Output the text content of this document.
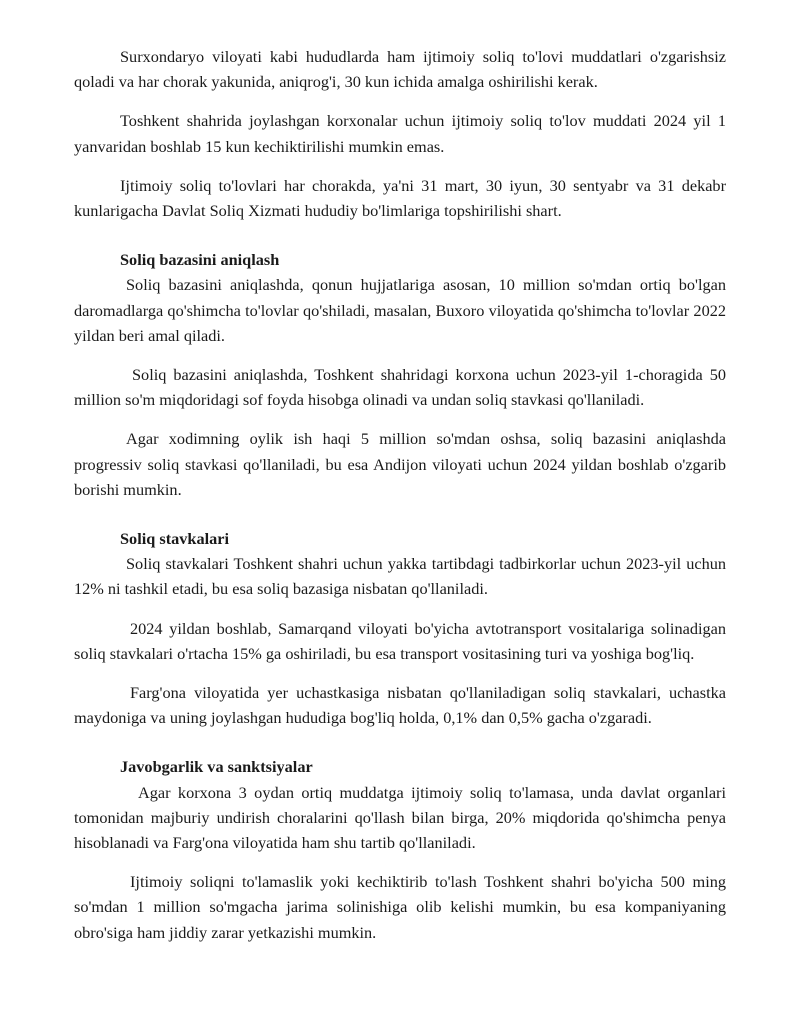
Surxondaryo viloyati kabi hududlarda ham ijtimoiy soliq to'lovi muddatlari o'zgarishsiz qoladi va har chorak yakunida, aniqrog'i, 30 kun ichida amalga oshirilishi kerak.

Toshkent shahrida joylashgan korxonalar uchun ijtimoiy soliq to'lov muddati 2024 yil 1 yanvaridan boshlab 15 kun kechiktirilishi mumkin emas.

Ijtimoiy soliq to'lovlari har chorakda, ya'ni 31 mart, 30 iyun, 30 sentyabr va 31 dekabr kunlarigacha Davlat Soliq Xizmati hududiy bo'limlariga topshirilishi shart.

Soliq bazasini aniqlash

Soliq bazasini aniqlashda, qonun hujjatlariga asosan, 10 million so'mdan ortiq bo'lgan daromadlarga qo'shimcha to'lovlar qo'shiladi, masalan, Buxoro viloyatida qo'shimcha to'lovlar 2022 yildan beri amal qiladi.

Soliq bazasini aniqlashda, Toshkent shahridagi korxona uchun 2023-yil 1-choragida 50 million so'm miqdoridagi sof foyda hisobga olinadi va undan soliq stavkasi qo'llaniladi.

Agar xodimning oylik ish haqi 5 million so'mdan oshsa, soliq bazasini aniqlashda progressiv soliq stavkasi qo'llaniladi, bu esa Andijon viloyati uchun 2024 yildan boshlab o'zgarib borishi mumkin.

Soliq stavkalari

Soliq stavkalari Toshkent shahri uchun yakka tartibdagi tadbirkorlar uchun 2023-yil uchun 12% ni tashkil etadi, bu esa soliq bazasiga nisbatan qo'llaniladi.

2024 yildan boshlab, Samarqand viloyati bo'yicha avtotransport vositalariga solinadigan soliq stavkalari o'rtacha 15% ga oshiriladi, bu esa transport vositasining turi va yoshiga bog'liq.

Farg'ona viloyatida yer uchastkasiga nisbatan qo'llaniladigan soliq stavkalari, uchastka maydoniga va uning joylashgan hududiga bog'liq holda, 0,1% dan 0,5% gacha o'zgaradi.

Javobgarlik va sanktsiyalar

Agar korxona 3 oydan ortiq muddatga ijtimoiy soliq to'lamasa, unda davlat organlari tomonidan majburiy undirish choralarini qo'llash bilan birga, 20% miqdorida qo'shimcha penya hisoblanadi va Farg'ona viloyatida ham shu tartib qo'llaniladi.

Ijtimoiy soliqni to'lamaslik yoki kechiktirib to'lash Toshkent shahri bo'yicha 500 ming so'mdan 1 million so'mgacha jarima solinishiga olib kelishi mumkin, bu esa kompaniyaning obro'siga ham jiddiy zarar yetkazishi mumkin.
